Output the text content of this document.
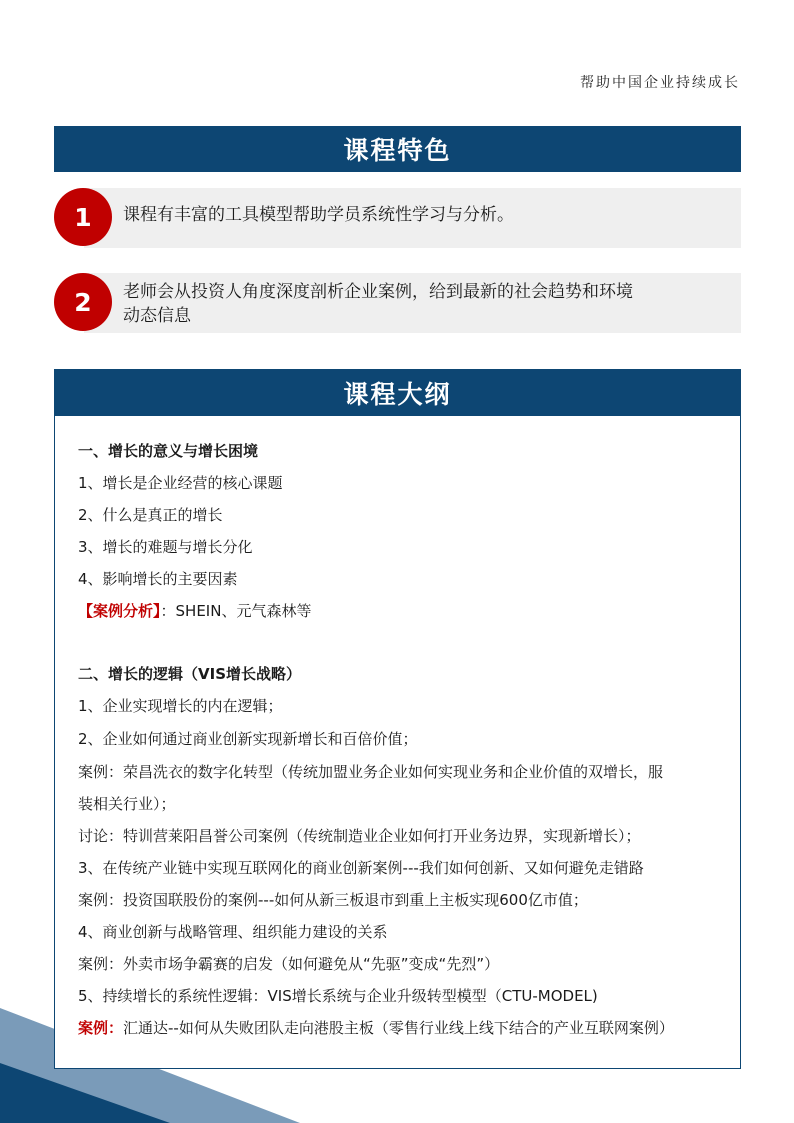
帮助中国企业持续成长
课程特色
1	课程有丰富的工具模型帮助学员系统性学习与分析。
2	老师会从投资人角度深度剖析企业案例，给到最新的社会趋势和环境
动态信息
课程大纲
一、增长的意义与增长困境
1、增长是企业经营的核心课题
2、什么是真正的增长
3、增长的难题与增长分化
4、影响增长的主要因素
【案例分析】：SHEIN、元气森林等
二、增长的逻辑（VIS增长战略）
1、企业实现增长的内在逻辑；
2、企业如何通过商业创新实现新增长和百倍价值；
案例：荣昌洗衣的数字化转型（传统加盟业务企业如何实现业务和企业价值的双增长，服
装相关行业）；
讨论：特训营莱阳昌誉公司案例（传统制造业企业如何打开业务边界，实现新增长）；
3、在传统产业链中实现互联网化的商业创新案例---我们如何创新、又如何避免走错路
案例：投资国联股份的案例---如何从新三板退市到重上主板实现600亿市值；
4、商业创新与战略管理、组织能力建设的关系
案例：外卖市场争霸赛的启发（如何避免从“先驱”变成“先烈”）
5、持续增长的系统性逻辑：VIS增长系统与企业升级转型模型（CTU-MODEL)
案例：汇通达--如何从失败团队走向港股主板（零售行业线上线下结合的产业互联网案例）
